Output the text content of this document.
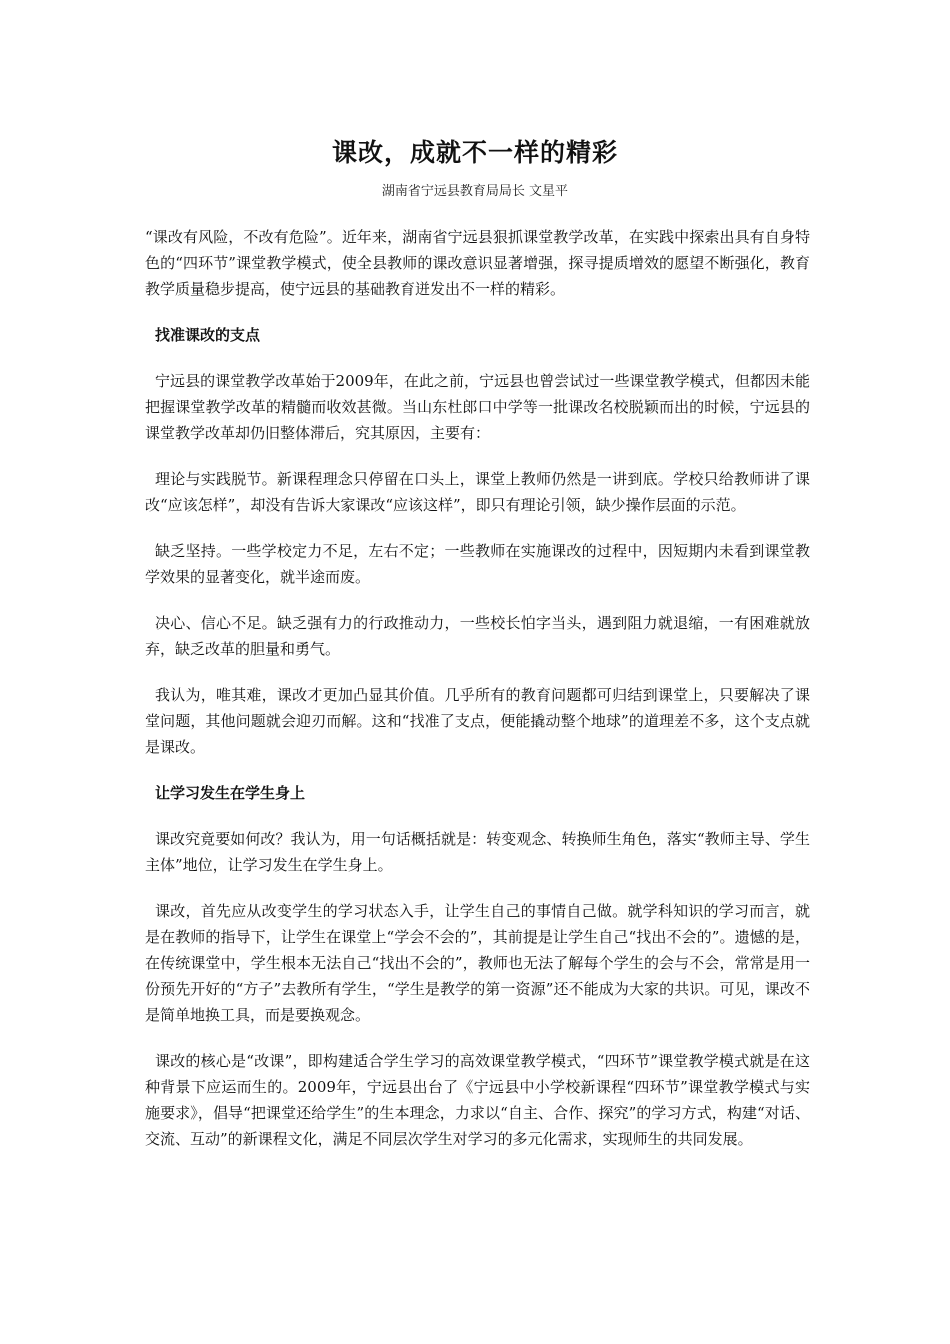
课改，成就不一样的精彩
湖南省宁远县教育局局长 文星平

“课改有风险，不改有危险”。近年来，湖南省宁远县狠抓课堂教学改革，在实践中探索出具有自身特色的“四环节”课堂教学模式，使全县教师的课改意识显著增强，探寻提质增效的愿望不断强化，教育教学质量稳步提高，使宁远县的基础教育迸发出不一样的精彩。

找准课改的支点

宁远县的课堂教学改革始于2009年，在此之前，宁远县也曾尝试过一些课堂教学模式，但都因未能把握课堂教学改革的精髓而收效甚微。当山东杜郎口中学等一批课改名校脱颖而出的时候，宁远县的课堂教学改革却仍旧整体滞后，究其原因，主要有：

理论与实践脱节。新课程理念只停留在口头上，课堂上教师仍然是一讲到底。学校只给教师讲了课改“应该怎样”，却没有告诉大家课改“应该这样”，即只有理论引领，缺少操作层面的示范。

缺乏坚持。一些学校定力不足，左右不定；一些教师在实施课改的过程中，因短期内未看到课堂教学效果的显著变化，就半途而废。

决心、信心不足。缺乏强有力的行政推动力，一些校长怕字当头，遇到阻力就退缩，一有困难就放弃，缺乏改革的胆量和勇气。

我认为，唯其难，课改才更加凸显其价值。几乎所有的教育问题都可归结到课堂上，只要解决了课堂问题，其他问题就会迎刃而解。这和“找准了支点，便能撬动整个地球”的道理差不多，这个支点就是课改。

让学习发生在学生身上

课改究竟要如何改？我认为，用一句话概括就是：转变观念、转换师生角色，落实“教师主导、学生主体”地位，让学习发生在学生身上。

课改，首先应从改变学生的学习状态入手，让学生自己的事情自己做。就学科知识的学习而言，就是在教师的指导下，让学生在课堂上“学会不会的”，其前提是让学生自己“找出不会的”。遗憾的是，在传统课堂中，学生根本无法自己“找出不会的”，教师也无法了解每个学生的会与不会，常常是用一份预先开好的“方子”去教所有学生，“学生是教学的第一资源”还不能成为大家的共识。可见，课改不是简单地换工具，而是要换观念。

课改的核心是“改课”，即构建适合学生学习的高效课堂教学模式，“四环节”课堂教学模式就是在这种背景下应运而生的。2009年，宁远县出台了《宁远县中小学校新课程“四环节”课堂教学模式与实施要求》，倡导“把课堂还给学生”的生本理念，力求以“自主、合作、探究”的学习方式，构建“对话、交流、互动”的新课程文化，满足不同层次学生对学习的多元化需求，实现师生的共同发展。
